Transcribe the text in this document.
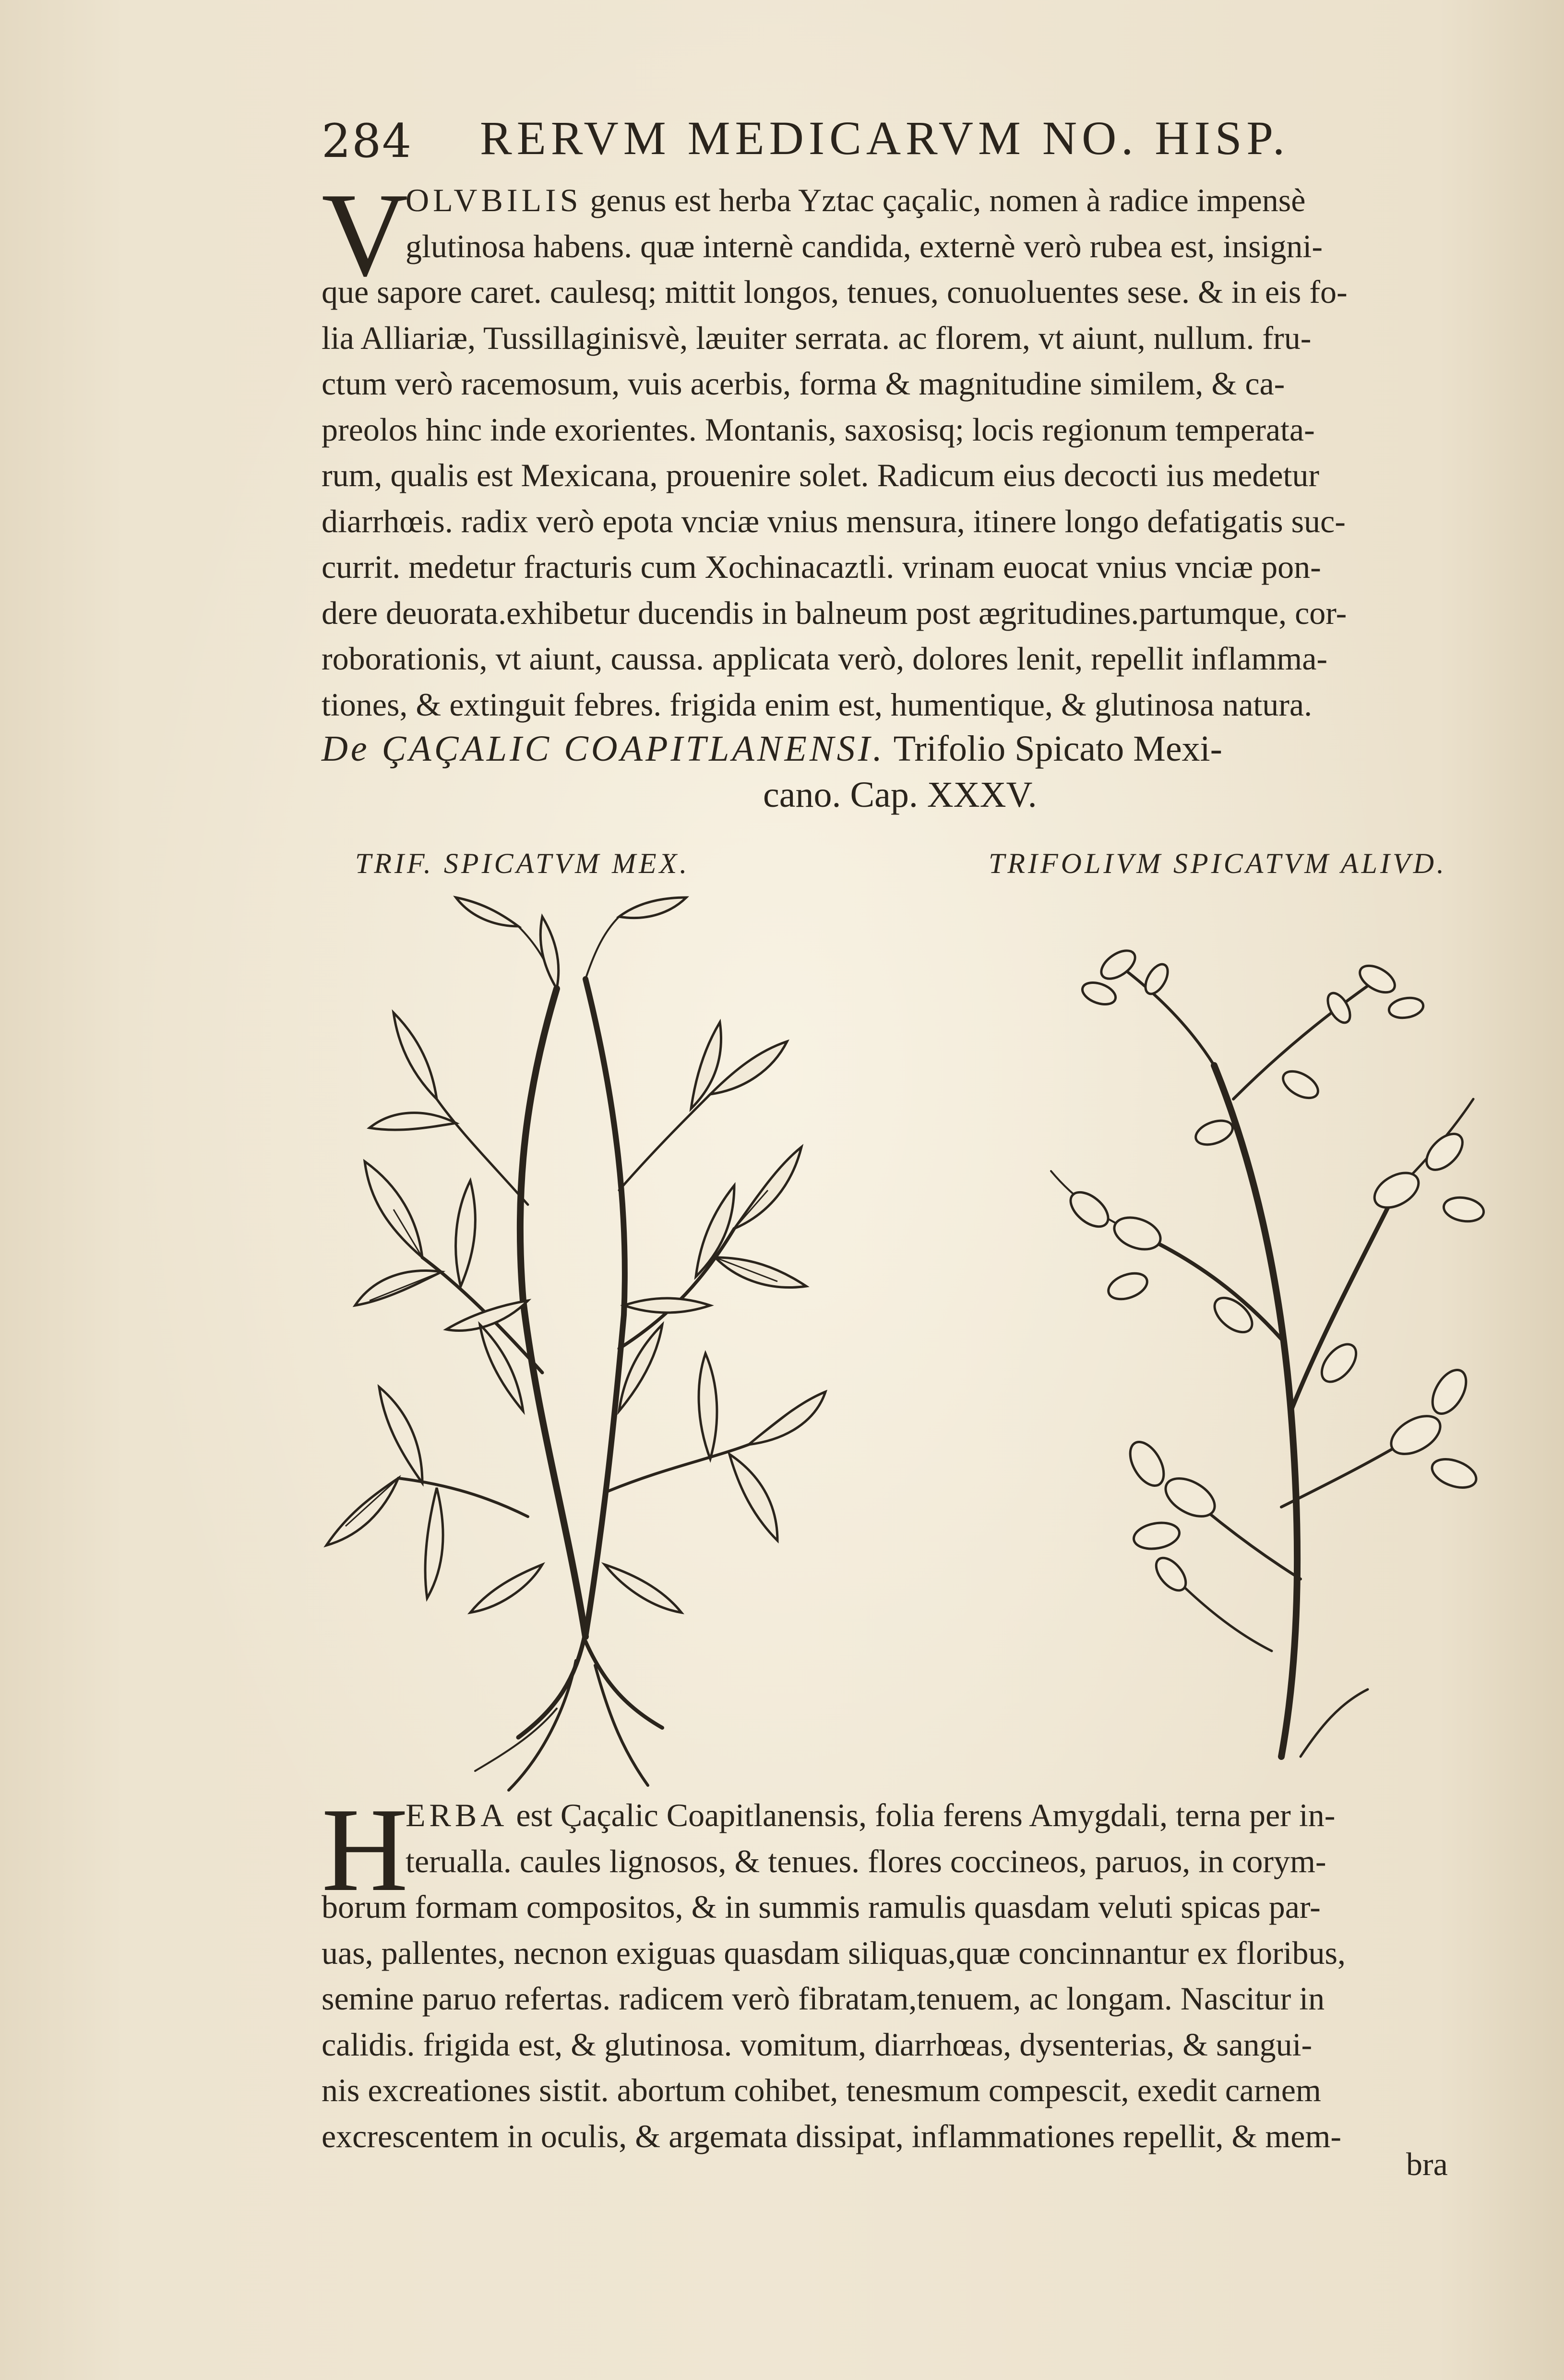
284 RERVM MEDICARVM NO. HISP.
V
OLVBILIS genus est herba Yztac çaçalic, nomen à radice impensè
glutinosa habens. quæ internè candida, externè verò rubea est, insigni-
que sapore caret. caulesq; mittit longos, tenues, conuoluentes sese. & in eis fo-
lia Alliariæ, Tussillaginisvè, læuiter serrata. ac florem, vt aiunt, nullum. fru-
ctum verò racemosum, vuis acerbis, forma & magnitudine similem, & ca-
preolos hinc inde exorientes. Montanis, saxosisq; locis regionum temperata-
rum, qualis est Mexicana, prouenire solet. Radicum eius decocti ius medetur
diarrhœis. radix verò epota vnciæ vnius mensura, itinere longo defatigatis suc-
currit. medetur fracturis cum Xochinacaztli. vrinam euocat vnius vnciæ pon-
dere deuorata.exhibetur ducendis in balneum post ægritudines.partumque, cor-
roborationis, vt aiunt, caussa. applicata verò, dolores lenit, repellit inflamma-
tiones, & extinguit febres. frigida enim est, humentique, & glutinosa natura.
De ÇAÇALIC COAPITLANENSI. Trifolio Spicato Mexi-
cano. Cap. XXXV.
TRIF. SPICATVM MEX.	TRIFOLIVM SPICATVM ALIVD.
H
ERBA est Çaçalic Coapitlanensis, folia ferens Amygdali, terna per in-
terualla. caules lignosos, & tenues. flores coccineos, paruos, in corym-
borum formam compositos, & in summis ramulis quasdam veluti spicas par-
uas, pallentes, necnon exiguas quasdam siliquas,quæ concinnantur ex floribus,
semine paruo refertas. radicem verò fibratam,tenuem, ac longam. Nascitur in
calidis. frigida est, & glutinosa. vomitum, diarrhœas, dysenterias, & sangui-
nis excreationes sistit. abortum cohibet, tenesmum compescit, exedit carnem
excrescentem in oculis, & argemata dissipat, inflammationes repellit, & mem-
bra
